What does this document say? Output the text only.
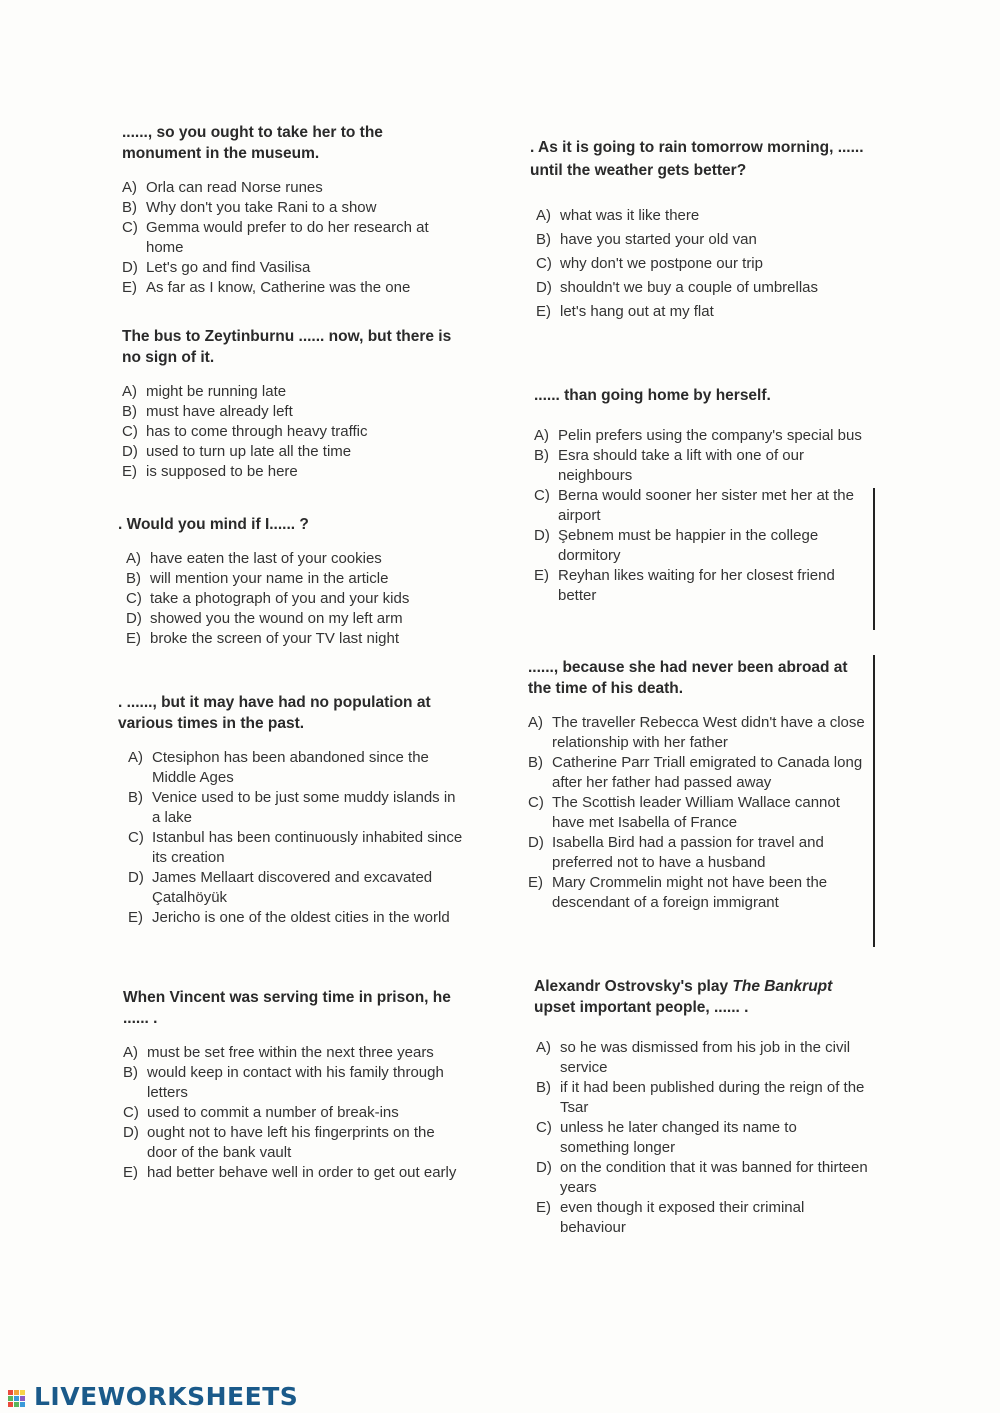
......, so you ought to take her to the monument in the museum.

A) Orla can read Norse runes
B) Why don't you take Rani to a show
C) Gemma would prefer to do her research at home
D) Let's go and find Vasilisa
E) As far as I know, Catherine was the one

The bus to Zeytinburnu ...... now, but there is no sign of it.

A) might be running late
B) must have already left
C) has to come through heavy traffic
D) used to turn up late all the time
E) is supposed to be here

. Would you mind if I...... ?

A) have eaten the last of your cookies
B) will mention your name in the article
C) take a photograph of you and your kids
D) showed you the wound on my left arm
E) broke the screen of your TV last night

. ......, but it may have had no population at various times in the past.

A) Ctesiphon has been abandoned since the Middle Ages
B) Venice used to be just some muddy islands in a lake
C) Istanbul has been continuously inhabited since its creation
D) James Mellaart discovered and excavated Çatalhöyük
E) Jericho is one of the oldest cities in the world

When Vincent was serving time in prison, he ...... .

A) must be set free within the next three years
B) would keep in contact with his family through letters
C) used to commit a number of break-ins
D) ought not to have left his fingerprints on the door of the bank vault
E) had better behave well in order to get out early

. As it is going to rain tomorrow morning, ...... until the weather gets better?

A) what was it like there
B) have you started your old van
C) why don't we postpone our trip
D) shouldn't we buy a couple of umbrellas
E) let's hang out at my flat

...... than going home by herself.

A) Pelin prefers using the company's special bus
B) Esra should take a lift with one of our neighbours
C) Berna would sooner her sister met her at the airport
D) Şebnem must be happier in the college dormitory
E) Reyhan likes waiting for her closest friend better

......, because she had never been abroad at the time of his death.

A) The traveller Rebecca West didn't have a close relationship with her father
B) Catherine Parr Triall emigrated to Canada long after her father had passed away
C) The Scottish leader William Wallace cannot have met Isabella of France
D) Isabella Bird had a passion for travel and preferred not to have a husband
E) Mary Crommelin might not have been the descendant of a foreign immigrant

Alexandr Ostrovsky's play The Bankrupt upset important people, ...... .

A) so he was dismissed from his job in the civil service
B) if it had been published during the reign of the Tsar
C) unless he later changed its name to something longer
D) on the condition that it was banned for thirteen years
E) even though it exposed their criminal behaviour
LIVEWORKSHEETS
